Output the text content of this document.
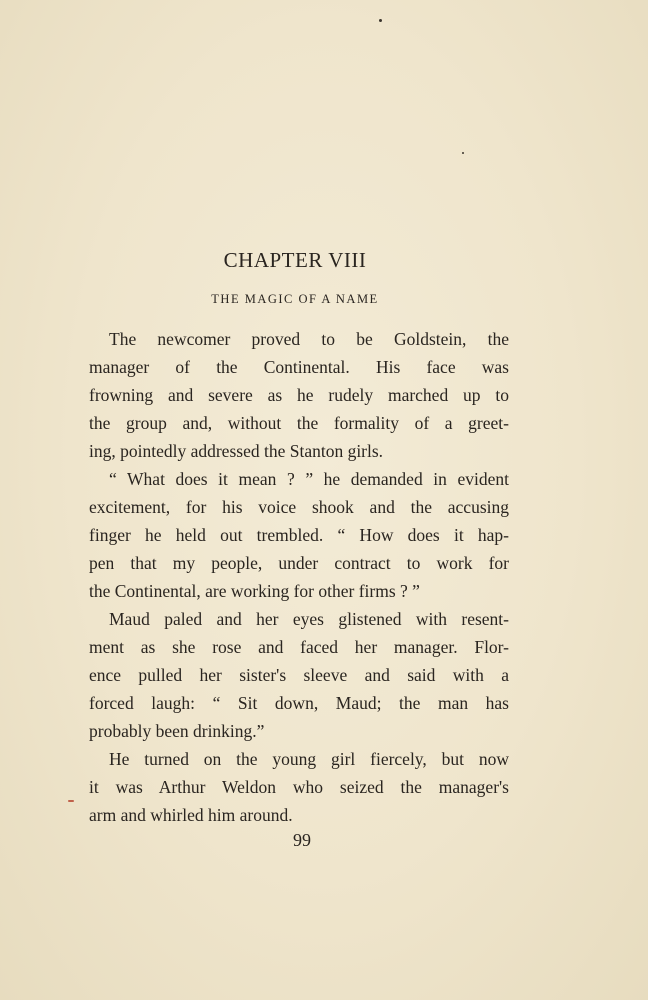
CHAPTER VIII
THE MAGIC OF A NAME
The newcomer proved to be Goldstein, the
manager of the Continental. His face was
frowning and severe as he rudely marched up to
the group and, without the formality of a greet-
ing, pointedly addressed the Stanton girls.
“ What does it mean ? ” he demanded in evident
excitement, for his voice shook and the accusing
finger he held out trembled. “ How does it hap-
pen that my people, under contract to work for
the Continental, are working for other firms ? ”
Maud paled and her eyes glistened with resent-
ment as she rose and faced her manager. Flor-
ence pulled her sister's sleeve and said with a
forced laugh: “ Sit down, Maud; the man has
probably been drinking.”
He turned on the young girl fiercely, but now
it was Arthur Weldon who seized the manager's
arm and whirled him around.
99
